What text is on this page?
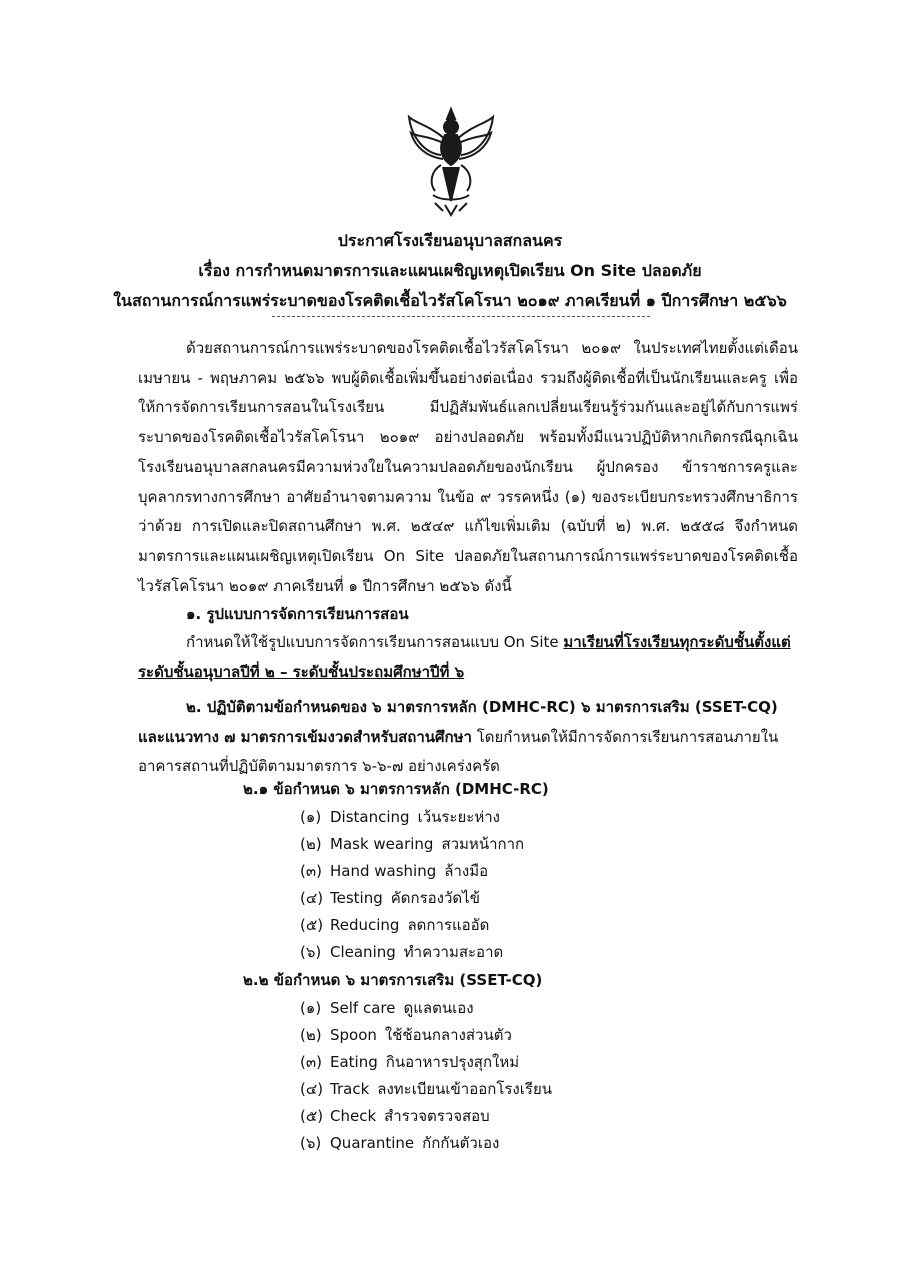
ประกาศโรงเรียนอนุบาลสกลนคร
เรื่อง การกำหนดมาตรการและแผนเผชิญเหตุเปิดเรียน On Site ปลอดภัย
ในสถานการณ์การแพร่ระบาดของโรคติดเชื้อไวรัสโคโรนา ๒๐๑๙ ภาคเรียนที่ ๑ ปีการศึกษา ๒๕๖๖
ด้วยสถานการณ์การแพร่ระบาดของโรคติดเชื้อไวรัสโคโรนา ๒๐๑๙ ในประเทศไทยตั้งแต่เดือนเมษายน - พฤษภาคม ๒๕๖๖ พบผู้ติดเชื้อเพิ่มขึ้นอย่างต่อเนื่อง รวมถึงผู้ติดเชื้อที่เป็นนักเรียนและครู เพื่อให้การจัดการเรียนการสอนในโรงเรียน มีปฏิสัมพันธ์แลกเปลี่ยนเรียนรู้ร่วมกันและอยู่ได้กับการแพร่ระบาดของโรคติดเชื้อไวรัสโคโรนา ๒๐๑๙ อย่างปลอดภัย พร้อมทั้งมีแนวปฏิบัติหากเกิดกรณีฉุกเฉิน โรงเรียนอนุบาลสกลนครมีความห่วงใยในความปลอดภัยของนักเรียน ผู้ปกครอง ข้าราชการครูและบุคลากรทางการศึกษา อาศัยอำนาจตามความ ในข้อ ๙ วรรคหนึ่ง (๑) ของระเบียบกระทรวงศึกษาธิการ ว่าด้วย การเปิดและปิดสถานศึกษา พ.ศ. ๒๕๔๙ แก้ไขเพิ่มเติม (ฉบับที่ ๒) พ.ศ. ๒๕๕๘ จึงกำหนดมาตรการและแผนเผชิญเหตุเปิดเรียน On Site ปลอดภัยในสถานการณ์การแพร่ระบาดของโรคติดเชื้อไวรัสโคโรนา ๒๐๑๙ ภาคเรียนที่ ๑ ปีการศึกษา ๒๕๖๖ ดังนี้
๑. รูปแบบการจัดการเรียนการสอน
กำหนดให้ใช้รูปแบบการจัดการเรียนการสอนแบบ On Site มาเรียนที่โรงเรียนทุกระดับชั้นตั้งแต่ระดับชั้นอนุบาลปีที่ ๒ – ระดับชั้นประถมศึกษาปีที่ ๖
๒. ปฏิบัติตามข้อกำหนดของ ๖ มาตรการหลัก (DMHC-RC) ๖ มาตรการเสริม (SSET-CQ) และแนวทาง ๗ มาตรการเข้มงวดสำหรับสถานศึกษา โดยกำหนดให้มีการจัดการเรียนการสอนภายในอาคารสถานที่ปฏิบัติตามมาตรการ ๖-๖-๗ อย่างเคร่งครัด
๒.๑ ข้อกำหนด ๖ มาตรการหลัก (DMHC-RC)
(๑) Distancing เว้นระยะห่าง
(๒) Mask wearing สวมหน้ากาก
(๓) Hand washing ล้างมือ
(๔) Testing คัดกรองวัดไข้
(๕) Reducing ลดการแออัด
(๖) Cleaning ทำความสะอาด
๒.๒ ข้อกำหนด ๖ มาตรการเสริม (SSET-CQ)
(๑) Self care ดูแลตนเอง
(๒) Spoon ใช้ช้อนกลางส่วนตัว
(๓) Eating กินอาหารปรุงสุกใหม่
(๔) Track ลงทะเบียนเข้าออกโรงเรียน
(๕) Check สำรวจตรวจสอบ
(๖) Quarantine กักกันตัวเอง
